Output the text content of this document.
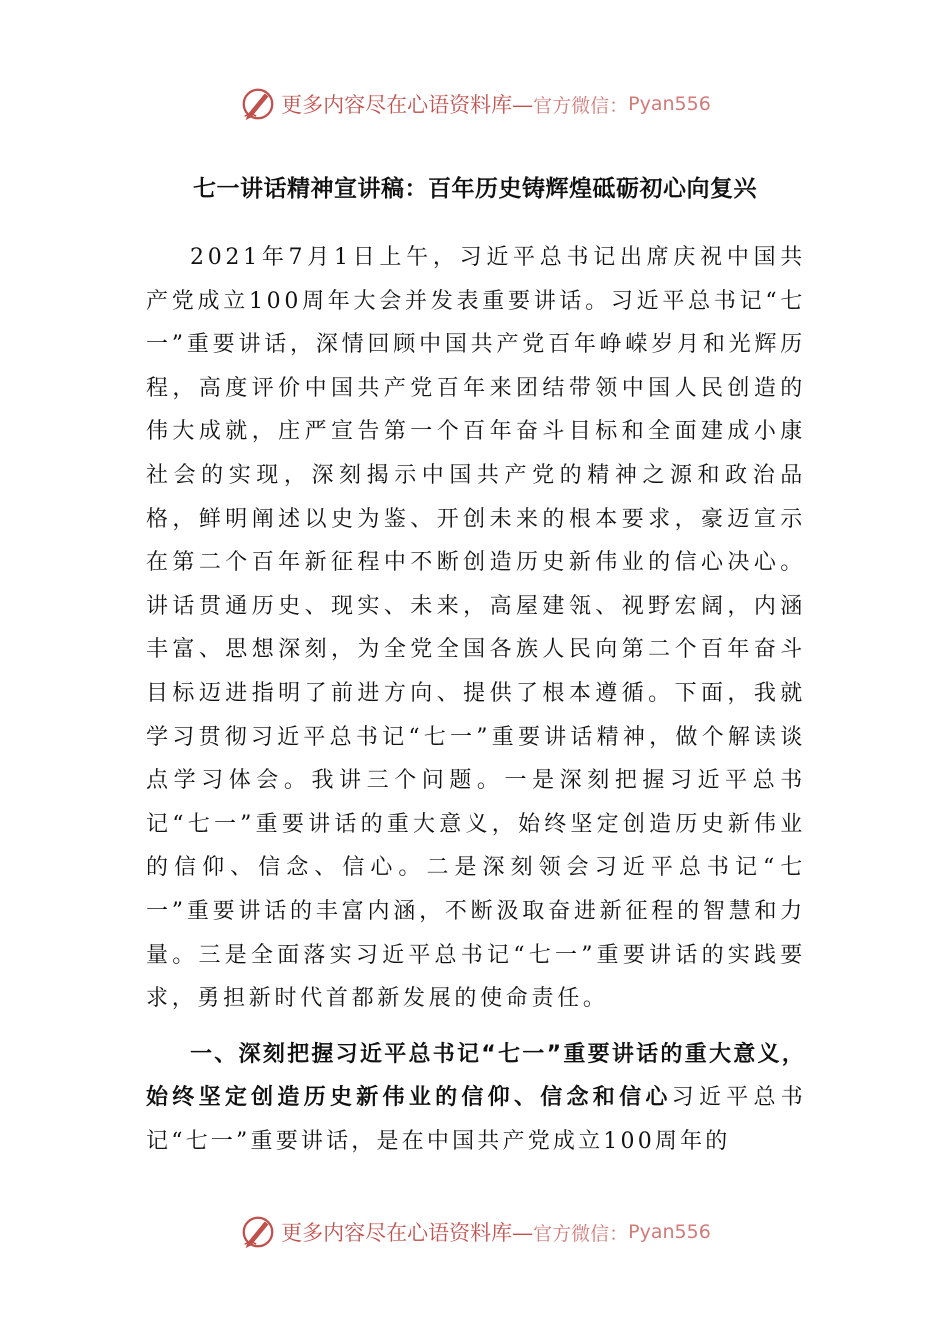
更多内容尽在心语资料库— 官方微信： Pyan556
七一讲话精神宣讲稿：百年历史铸辉煌砥砺初心向复兴

2021年7月1日上午，习近平总书记出席庆祝中国共产党成立100周年大会并发表重要讲话。习近平总书记“七一”重要讲话，深情回顾中国共产党百年峥嵘岁月和光辉历程，高度评价中国共产党百年来团结带领中国人民创造的伟大成就，庄严宣告第一个百年奋斗目标和全面建成小康社会的实现，深刻揭示中国共产党的精神之源和政治品格，鲜明阐述以史为鉴、开创未来的根本要求，豪迈宣示在第二个百年新征程中不断创造历史新伟业的信心决心。讲话贯通历史、现实、未来，高屋建瓴、视野宏阔，内涵丰富、思想深刻，为全党全国各族人民向第二个百年奋斗目标迈进指明了前进方向、提供了根本遵循。下面，我就学习贯彻习近平总书记“七一”重要讲话精神，做个解读谈点学习体会。我讲三个问题。一是深刻把握习近平总书记“七一”重要讲话的重大意义，始终坚定创造历史新伟业的信仰、信念、信心。二是深刻领会习近平总书记“七一”重要讲话的丰富内涵，不断汲取奋进新征程的智慧和力量。三是全面落实习近平总书记“七一”重要讲话的实践要求，勇担新时代首都新发展的使命责任。

一、深刻把握习近平总书记“七一”重要讲话的重大意义，始终坚定创造历史新伟业的信仰、信念和信心习近平总书记“七一”重要讲话，是在中国共产党成立100周年的

更多内容尽在心语资料库— 官方微信： Pyan556
